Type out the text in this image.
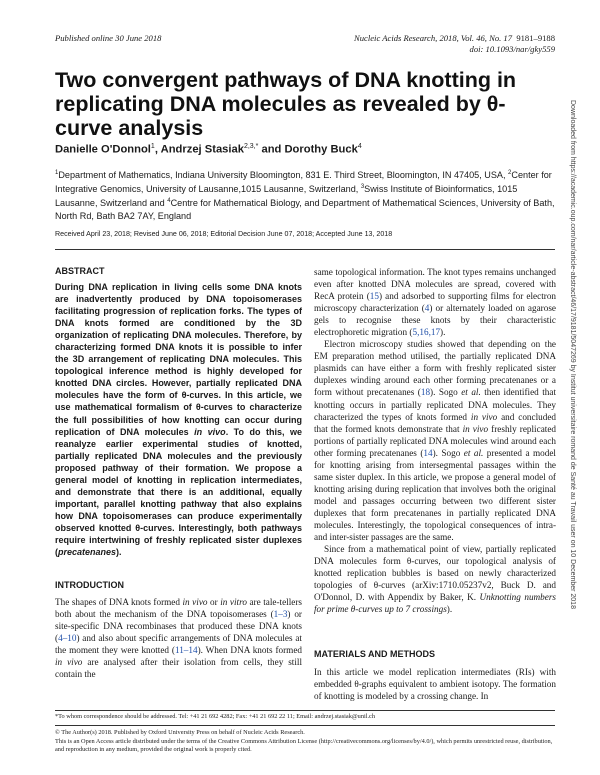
Published online 30 June 2018	Nucleic Acids Research, 2018, Vol. 46, No. 17 9181–9188
doi: 10.1093/nar/gky559
Two convergent pathways of DNA knotting in replicating DNA molecules as revealed by θ-curve analysis
Danielle O'Donnol$^1$, Andrzej Stasiak$^{2,3,*}$ and Dorothy Buck$^4$
$^1$Department of Mathematics, Indiana University Bloomington, 831 E. Third Street, Bloomington, IN 47405, USA, $^2$Center for Integrative Genomics, University of Lausanne,1015 Lausanne, Switzerland, $^3$Swiss Institute of Bioinformatics, 1015 Lausanne, Switzerland and $^4$Centre for Mathematical Biology, and Department of Mathematical Sciences, University of Bath, North Rd, Bath BA2 7AY, England
Received April 23, 2018; Revised June 06, 2018; Editorial Decision June 07, 2018; Accepted June 13, 2018
ABSTRACT
During DNA replication in living cells some DNA knots are inadvertently produced by DNA topoisomerases facilitating progression of replication forks. The types of DNA knots formed are conditioned by the 3D organization of replicating DNA molecules. Therefore, by characterizing formed DNA knots it is possible to infer the 3D arrangement of replicating DNA molecules. This topological inference method is highly developed for knotted DNA circles. However, partially replicated DNA molecules have the form of θ-curves. In this article, we use mathematical formalism of θ-curves to characterize the full possibilities of how knotting can occur during replication of DNA molecules in vivo. To do this, we reanalyze earlier experimental studies of knotted, partially replicated DNA molecules and the previously proposed pathway of their formation. We propose a general model of knotting in replication intermediates, and demonstrate that there is an additional, equally important, parallel knotting pathway that also explains how DNA topoisomerases can produce experimentally observed knotted θ-curves. Interestingly, both pathways require intertwining of freshly replicated sister duplexes (precatenanes).
INTRODUCTION
The shapes of DNA knots formed in vivo or in vitro are tale-tellers both about the mechanism of the DNA topoisomerases (1–3) or site-specific DNA recombinases that produced these DNA knots (4–10) and also about specific arrangements of DNA molecules at the moment they were knotted (11–14). When DNA knots formed in vivo are analysed after their isolation from cells, they still contain the

same topological information. The knot types remains unchanged even after knotted DNA molecules are spread, covered with RecA protein (15) and adsorbed to supporting films for electron microscopy characterization (4) or alternately loaded on agarose gels to recognise these knots by their characteristic electrophoretic migration (5,16,17).

Electron microscopy studies showed that depending on the EM preparation method utilised, the partially replicated DNA plasmids can have either a form with freshly replicated sister duplexes winding around each other forming precatenanes or a form without precatenanes (18). Sogo et al. then identified that knotting occurs in partially replicated DNA molecules. They characterized the types of knots formed in vivo and concluded that the formed knots demonstrate that in vivo freshly replicated portions of partially replicated DNA molecules wind around each other forming precatenanes (14). Sogo et al. presented a model for knotting arising from intersegmental passages within the same sister duplex. In this article, we propose a general model of knotting arising during replication that involves both the original model and passages occurring between two different sister duplexes that form precatenanes in partially replicated DNA molecules. Interestingly, the topological consequences of intra- and inter-sister passages are the same.

Since from a mathematical point of view, partially replicated DNA molecules form θ-curves, our topological analysis of knotted replication bubbles is based on newly characterized topologies of θ-curves (arXiv:1710.05237v2, Buck D. and O'Donnol, D. with Appendix by Baker, K. Unknotting numbers for prime θ-curves up to 7 crossings).

MATERIALS AND METHODS
In this article we model replication intermediates (RIs) with embedded θ-graphs equivalent to ambient isotopy. The formation of knotting is modeled by a crossing change. In
*To whom correspondence should be addressed. Tel: +41 21 692 4282; Fax: +41 21 692 22 11; Email: andrzej.stasiak@unil.ch
© The Author(s) 2018. Published by Oxford University Press on behalf of Nucleic Acids Research.
This is an Open Access article distributed under the terms of the Creative Commons Attribution License (http://creativecommons.org/licenses/by/4.0/), which permits unrestricted reuse, distribution, and reproduction in any medium, provided the original work is properly cited.
Downloaded from https://academic.oup.com/nar/article-abstract/46/17/9181/5047269 by Institut universitaire romand de Santé au Travail user on 10 December 2018
